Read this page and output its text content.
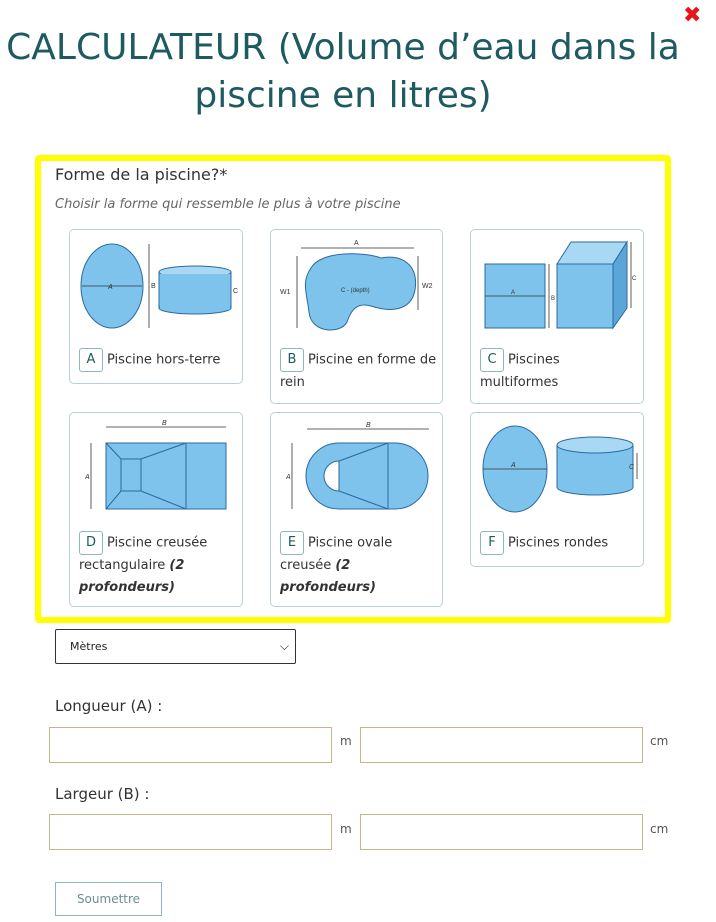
✖
CALCULATEUR (Volume d’eau dans la piscine en litres)
Forme de la piscine?*
Choisir la forme qui ressemble le plus à votre piscine
A	B
C
A Piscine hors-terre
A
W1
W2
C - (depth)
B Piscine en forme de rein
A
B
C
C Piscines multiformes
B
A
D Piscine creusée rectangulaire (2 profondeurs)
B
A
E Piscine ovale creusée (2 profondeurs)
A	C
F Piscines rondes
Mètres	⌵
Longueur (A) :
m	cm
Largeur (B) :
m	cm
Soumettre
